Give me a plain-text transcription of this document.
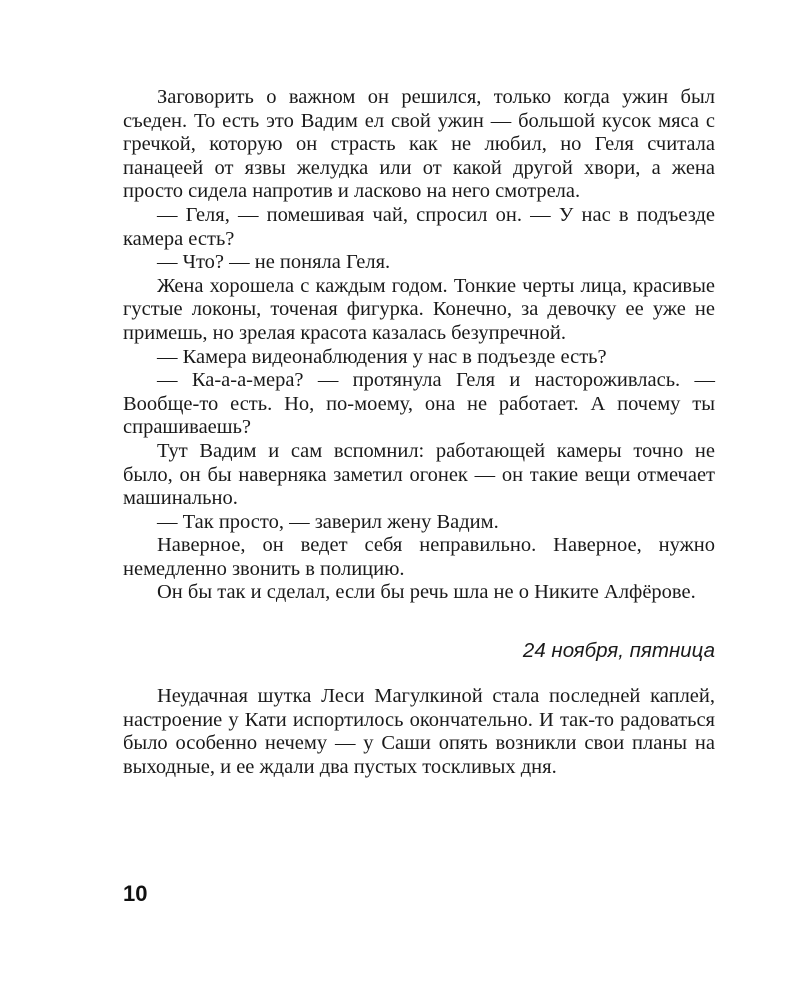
Заговорить о важном он решился, только когда ужин был съеден. То есть это Вадим ел свой ужин — большой кусок мяса с гречкой, которую он страсть как не любил, но Геля считала панацеей от язвы желудка или от какой другой хвори, а жена просто сидела напротив и ласково на него смотрела.

— Геля, — помешивая чай, спросил он. — У нас в подъезде камера есть?

— Что? — не поняла Геля.

Жена хорошела с каждым годом. Тонкие черты лица, красивые густые локоны, точеная фигурка. Конечно, за девочку ее уже не примешь, но зрелая красота казалась безупречной.

— Камера видеонаблюдения у нас в подъезде есть?

— Ка-а-а-мера? — протянула Геля и настороживлась. — Вообще-то есть. Но, по-моему, она не работает. А почему ты спрашиваешь?

Тут Вадим и сам вспомнил: работающей камеры точно не было, он бы наверняка заметил огонек — он такие вещи отмечает машинально.

— Так просто, — заверил жену Вадим.

Наверное, он ведет себя неправильно. Наверное, нужно немедленно звонить в полицию.

Он бы так и сделал, если бы речь шла не о Никите Алфёрове.

24 ноября, пятница

Неудачная шутка Леси Магулкиной стала последней каплей, настроение у Кати испортилось окончательно. И так-то радоваться было особенно нечему — у Саши опять возникли свои планы на выходные, и ее ждали два пустых тоскливых дня.

10
